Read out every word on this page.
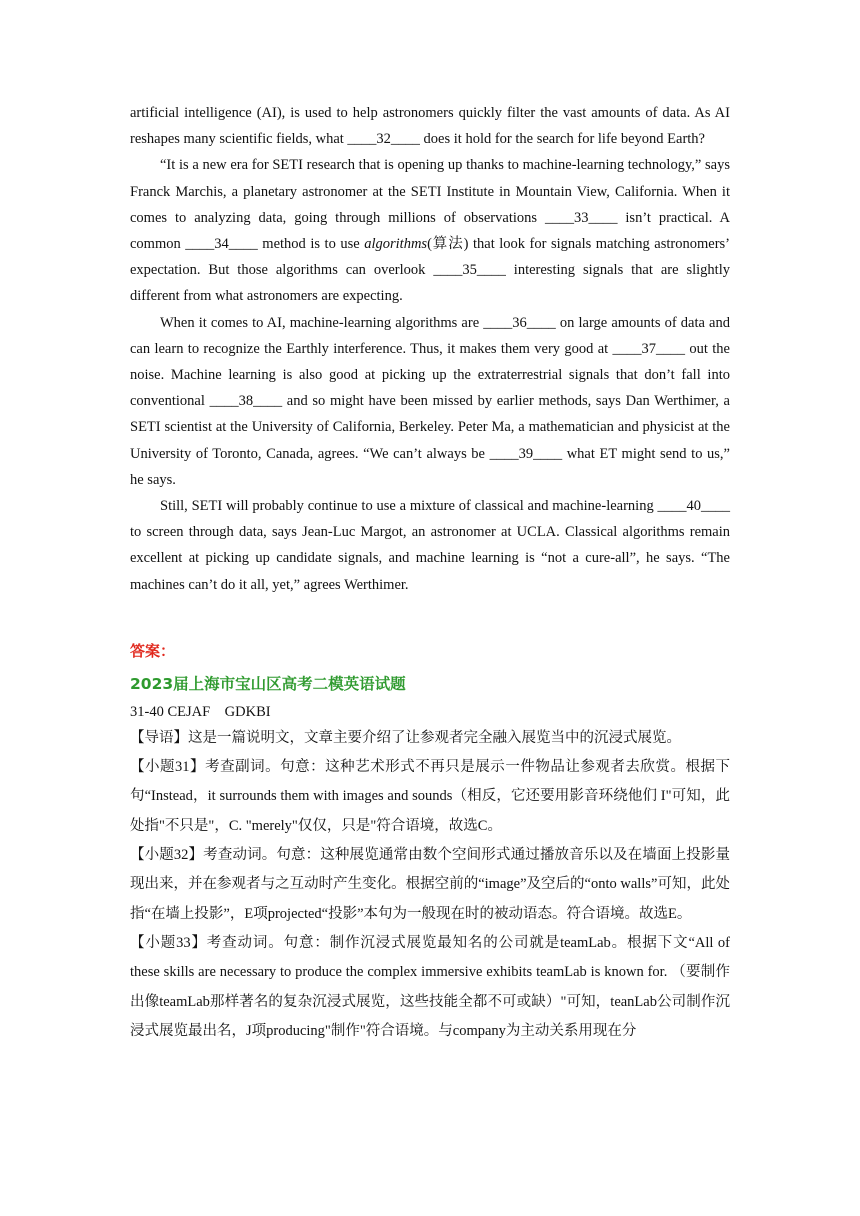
artificial intelligence (AI), is used to help astronomers quickly filter the vast amounts of data. As AI reshapes many scientific fields, what ____32____ does it hold for the search for life beyond Earth?

“It is a new era for SETI research that is opening up thanks to machine-learning technology,” says Franck Marchis, a planetary astronomer at the SETI Institute in Mountain View, California. When it comes to analyzing data, going through millions of observations ____33____ isn’t practical. A common ____34____ method is to use algorithms(算法) that look for signals matching astronomers’ expectation. But those algorithms can overlook ____35____ interesting signals that are slightly different from what astronomers are expecting.

When it comes to AI, machine-learning algorithms are ____36____ on large amounts of data and can learn to recognize the Earthly interference. Thus, it makes them very good at ____37____ out the noise. Machine learning is also good at picking up the extraterrestrial signals that don’t fall into conventional ____38____ and so might have been missed by earlier methods, says Dan Werthimer, a SETI scientist at the University of California, Berkeley. Peter Ma, a mathematician and physicist at the University of Toronto, Canada, agrees. “We can’t always be ____39____ what ET might send to us,” he says.

Still, SETI will probably continue to use a mixture of classical and machine-learning ____40____ to screen through data, says Jean-Luc Margot, an astronomer at UCLA. Classical algorithms remain excellent at picking up candidate signals, and machine learning is “not a cure-all”, he says. “The machines can’t do it all, yet,” agrees Werthimer.

答案：

2023届上海市宝山区高考二模英语试题

31-40 CEJAF    GDKBI

【导语】这是一篇说明文，文章主要介绍了让参观者完全融入展览当中的沉浸式展览。

【小题31】考查副词。句意：这种艺术形式不再只是展示一件物品让参观者去欣赏。根据下句“Instead，it surrounds them with images and sounds（相反，它还要用影音环绕他们 I"可知，此处指"不只是"，C. "merely"仅仅，只是"符合语境，故选C。

【小题32】考查动词。句意：这种展览通常由数个空间形式通过播放音乐以及在墙面上投影量现出来，并在参观者与之互动时产生变化。根据空前的“image”及空后的“onto walls”可知，此处指“在墙上投影”，E项projected“投影”本句为一般现在时的被动语态。符合语境。故选E。

【小题33】考查动词。句意：制作沉浸式展览最知名的公司就是teamLab。根据下文“All of these skills are necessary to produce the complex immersive exhibits teamLab is known for. （要制作出像teamLab那样著名的复杂沉浸式展览，这些技能全都不可或缺）"可知，teanLab公司制作沉浸式展览最出名，J项producing"制作"符合语境。与company为主动关系用现在分
